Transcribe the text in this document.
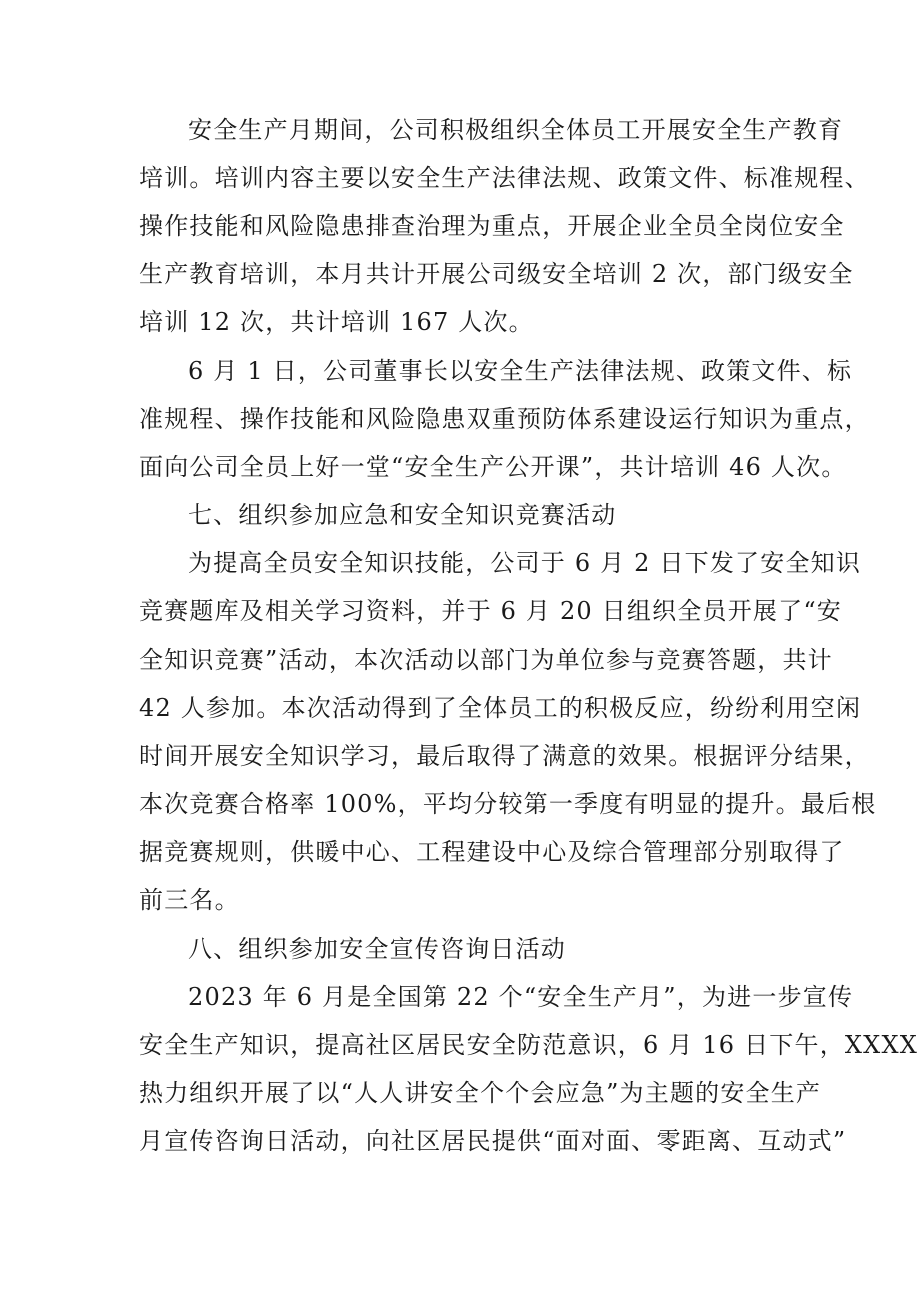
安全生产月期间，公司积极组织全体员工开展安全生产教育
培训。培训内容主要以安全生产法律法规、政策文件、标准规程、
操作技能和风险隐患排查治理为重点，开展企业全员全岗位安全
生产教育培训，本月共计开展公司级安全培训 2 次，部门级安全
培训 12 次，共计培训 167 人次。
6 月 1 日，公司董事长以安全生产法律法规、政策文件、标
准规程、操作技能和风险隐患双重预防体系建设运行知识为重点，
面向公司全员上好一堂“安全生产公开课”，共计培训 46 人次。
七、组织参加应急和安全知识竞赛活动
为提高全员安全知识技能，公司于 6 月 2 日下发了安全知识
竞赛题库及相关学习资料，并于 6 月 20 日组织全员开展了“安
全知识竞赛”活动，本次活动以部门为单位参与竞赛答题，共计
42 人参加。本次活动得到了全体员工的积极反应，纷纷利用空闲
时间开展安全知识学习，最后取得了满意的效果。根据评分结果，
本次竞赛合格率 100%，平均分较第一季度有明显的提升。最后根
据竞赛规则，供暖中心、工程建设中心及综合管理部分别取得了
前三名。
八、组织参加安全宣传咨询日活动
2023 年 6 月是全国第 22 个“安全生产月”，为进一步宣传
安全生产知识，提高社区居民安全防范意识，6 月 16 日下午，XXXX
热力组织开展了以“人人讲安全个个会应急”为主题的安全生产
月宣传咨询日活动，向社区居民提供“面对面、零距离、互动式”
